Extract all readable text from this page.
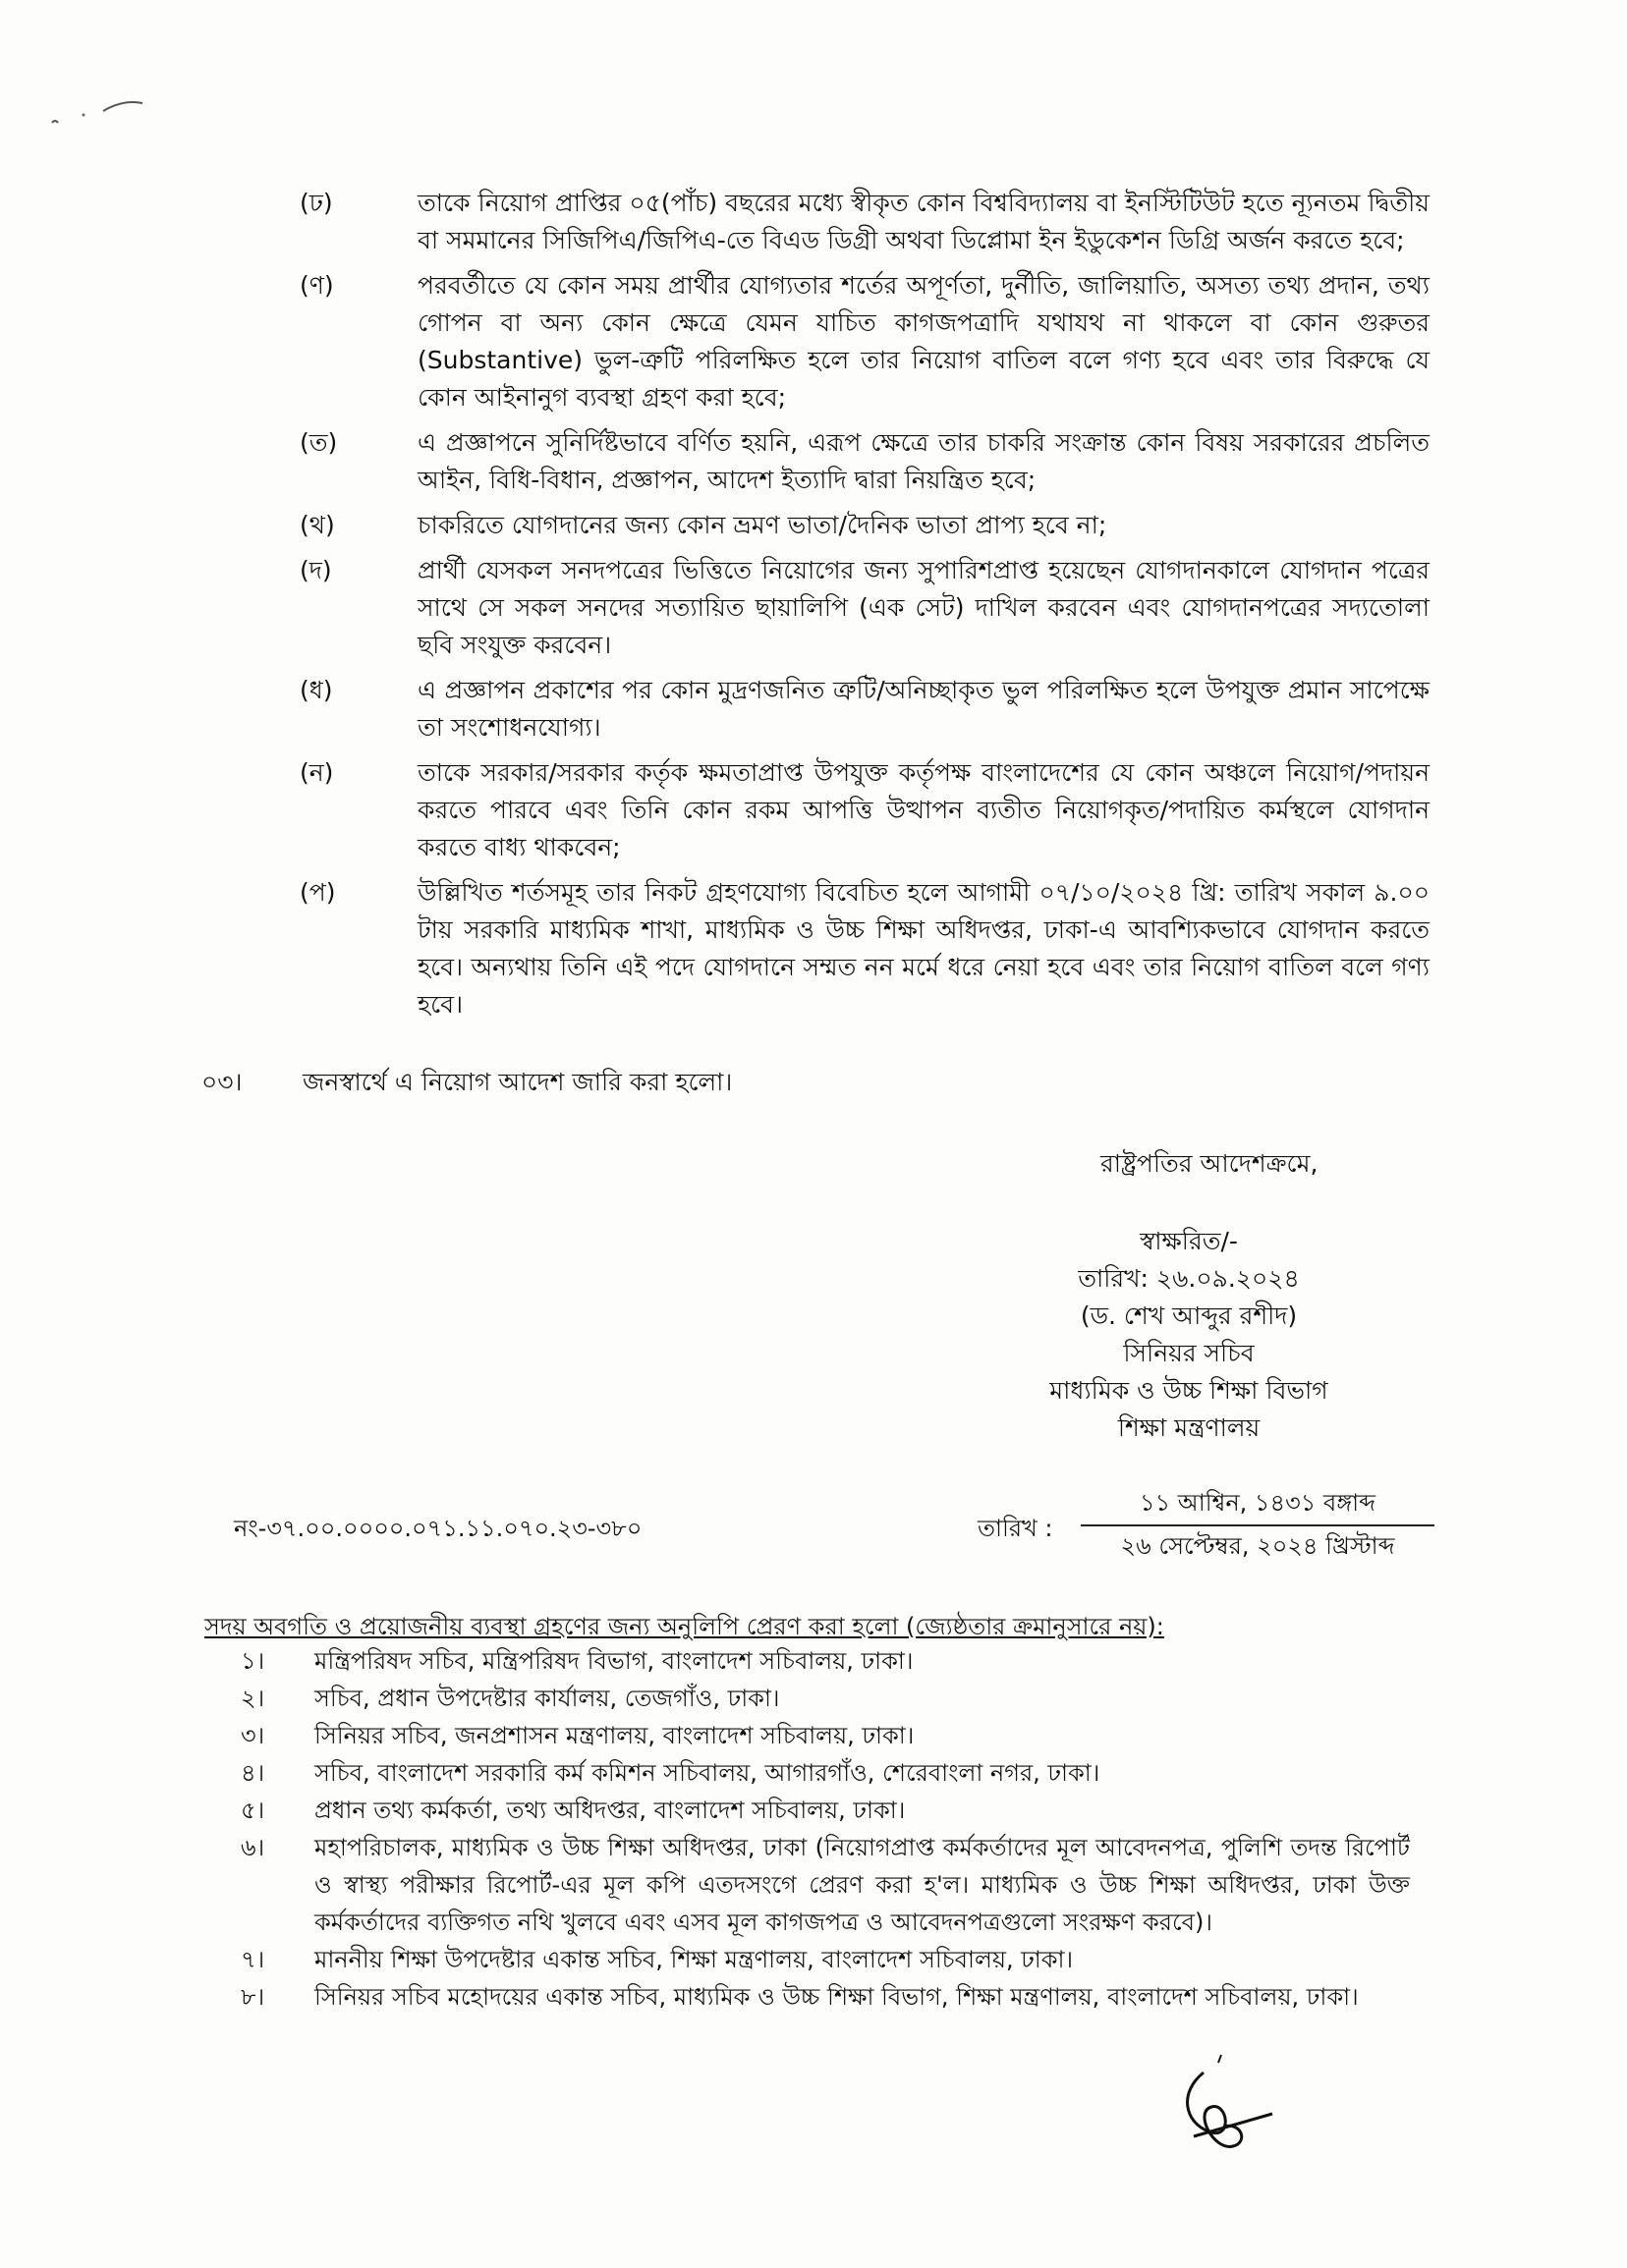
(ঢ)	তাকে নিয়োগ প্রাপ্তির ০৫(পাঁচ) বছরের মধ্যে স্বীকৃত কোন বিশ্ববিদ্যালয় বা ইনস্টিটিউট হতে ন্যূনতম দ্বিতীয় বা সমমানের সিজিপিএ/জিপিএ-তে বিএড ডিগ্রী অথবা ডিপ্লোমা ইন ইডুকেশন ডিগ্রি অর্জন করতে হবে;
(ণ)	পরবর্তীতে যে কোন সময় প্রার্থীর যোগ্যতার শর্তের অপূর্ণতা, দুর্নীতি, জালিয়াতি, অসত্য তথ্য প্রদান, তথ্য গোপন বা অন্য কোন ক্ষেত্রে যেমন যাচিত কাগজপত্রাদি যথাযথ না থাকলে বা কোন গুরুতর (Substantive) ভুল-ত্রুটি পরিলক্ষিত হলে তার নিয়োগ বাতিল বলে গণ্য হবে এবং তার বিরুদ্ধে যে কোন আইনানুগ ব্যবস্থা গ্রহণ করা হবে;
(ত)	এ প্রজ্ঞাপনে সুনির্দিষ্টভাবে বর্ণিত হয়নি, এরূপ ক্ষেত্রে তার চাকরি সংক্রান্ত কোন বিষয় সরকারের প্রচলিত আইন, বিধি-বিধান, প্রজ্ঞাপন, আদেশ ইত্যাদি দ্বারা নিয়ন্ত্রিত হবে;
(থ)	চাকরিতে যোগদানের জন্য কোন ভ্রমণ ভাতা/দৈনিক ভাতা প্রাপ্য হবে না;
(দ)	প্রার্থী যেসকল সনদপত্রের ভিত্তিতে নিয়োগের জন্য সুপারিশপ্রাপ্ত হয়েছেন যোগদানকালে যোগদান পত্রের সাথে সে সকল সনদের সত্যায়িত ছায়ালিপি (এক সেট) দাখিল করবেন এবং যোগদানপত্রের সদ্যতোলা ছবি সংযুক্ত করবেন।
(ধ)	এ প্রজ্ঞাপন প্রকাশের পর কোন মুদ্রণজনিত ত্রুটি/অনিচ্ছাকৃত ভুল পরিলক্ষিত হলে উপযুক্ত প্রমান সাপেক্ষে তা সংশোধনযোগ্য।
(ন)	তাকে সরকার/সরকার কর্তৃক ক্ষমতাপ্রাপ্ত উপযুক্ত কর্তৃপক্ষ বাংলাদেশের যে কোন অঞ্চলে নিয়োগ/পদায়ন করতে পারবে এবং তিনি কোন রকম আপত্তি উত্থাপন ব্যতীত নিয়োগকৃত/পদায়িত কর্মস্থলে যোগদান করতে বাধ্য থাকবেন;
(প)	উল্লিখিত শর্তসমূহ তার নিকট গ্রহণযোগ্য বিবেচিত হলে আগামী ০৭/১০/২০২৪ খ্রি: তারিখ সকাল ৯.০০ টায় সরকারি মাধ্যমিক শাখা, মাধ্যমিক ও উচ্চ শিক্ষা অধিদপ্তর, ঢাকা-এ আবশ্যিকভাবে যোগদান করতে হবে। অন্যথায় তিনি এই পদে যোগদানে সম্মত নন মর্মে ধরে নেয়া হবে এবং তার নিয়োগ বাতিল বলে গণ্য হবে।
০৩।	জনস্বার্থে এ নিয়োগ আদেশ জারি করা হলো।
রাষ্ট্রপতির আদেশক্রমে,
স্বাক্ষরিত/-
তারিখ: ২৬.০৯.২০২৪
(ড. শেখ আব্দুর রশীদ)
সিনিয়র সচিব
মাধ্যমিক ও উচ্চ শিক্ষা বিভাগ
শিক্ষা মন্ত্রণালয়
নং-৩৭.০০.০০০০.০৭১.১১.০৭০.২৩-৩৮০	তারিখ :
১১ আশ্বিন, ১৪৩১ বঙ্গাব্দ
২৬ সেপ্টেম্বর, ২০২৪ খ্রিস্টাব্দ
সদয় অবগতি ও প্রয়োজনীয় ব্যবস্থা গ্রহণের জন্য অনুলিপি প্রেরণ করা হলো (জ্যেষ্ঠতার ক্রমানুসারে নয়):
১।	মন্ত্রিপরিষদ সচিব, মন্ত্রিপরিষদ বিভাগ, বাংলাদেশ সচিবালয়, ঢাকা।
২।	সচিব, প্রধান উপদেষ্টার কার্যালয়, তেজগাঁও, ঢাকা।
৩।	সিনিয়র সচিব, জনপ্রশাসন মন্ত্রণালয়, বাংলাদেশ সচিবালয়, ঢাকা।
৪।	সচিব, বাংলাদেশ সরকারি কর্ম কমিশন সচিবালয়, আগারগাঁও, শেরেবাংলা নগর, ঢাকা।
৫।	প্রধান তথ্য কর্মকর্তা, তথ্য অধিদপ্তর, বাংলাদেশ সচিবালয়, ঢাকা।
৬।	মহাপরিচালক, মাধ্যমিক ও উচ্চ শিক্ষা অধিদপ্তর, ঢাকা (নিয়োগপ্রাপ্ত কর্মকর্তাদের মূল আবেদনপত্র, পুলিশি তদন্ত রিপোর্ট ও স্বাস্থ্য পরীক্ষার রিপোর্ট-এর মূল কপি এতদসংগে প্রেরণ করা হ'ল। মাধ্যমিক ও উচ্চ শিক্ষা অধিদপ্তর, ঢাকা উক্ত কর্মকর্তাদের ব্যক্তিগত নথি খুলবে এবং এসব মূল কাগজপত্র ও আবেদনপত্রগুলো সংরক্ষণ করবে)।
৭।	মাননীয় শিক্ষা উপদেষ্টার একান্ত সচিব, শিক্ষা মন্ত্রণালয়, বাংলাদেশ সচিবালয়, ঢাকা।
৮।	সিনিয়র সচিব মহোদয়ের একান্ত সচিব, মাধ্যমিক ও উচ্চ শিক্ষা বিভাগ, শিক্ষা মন্ত্রণালয়, বাংলাদেশ সচিবালয়, ঢাকা।
